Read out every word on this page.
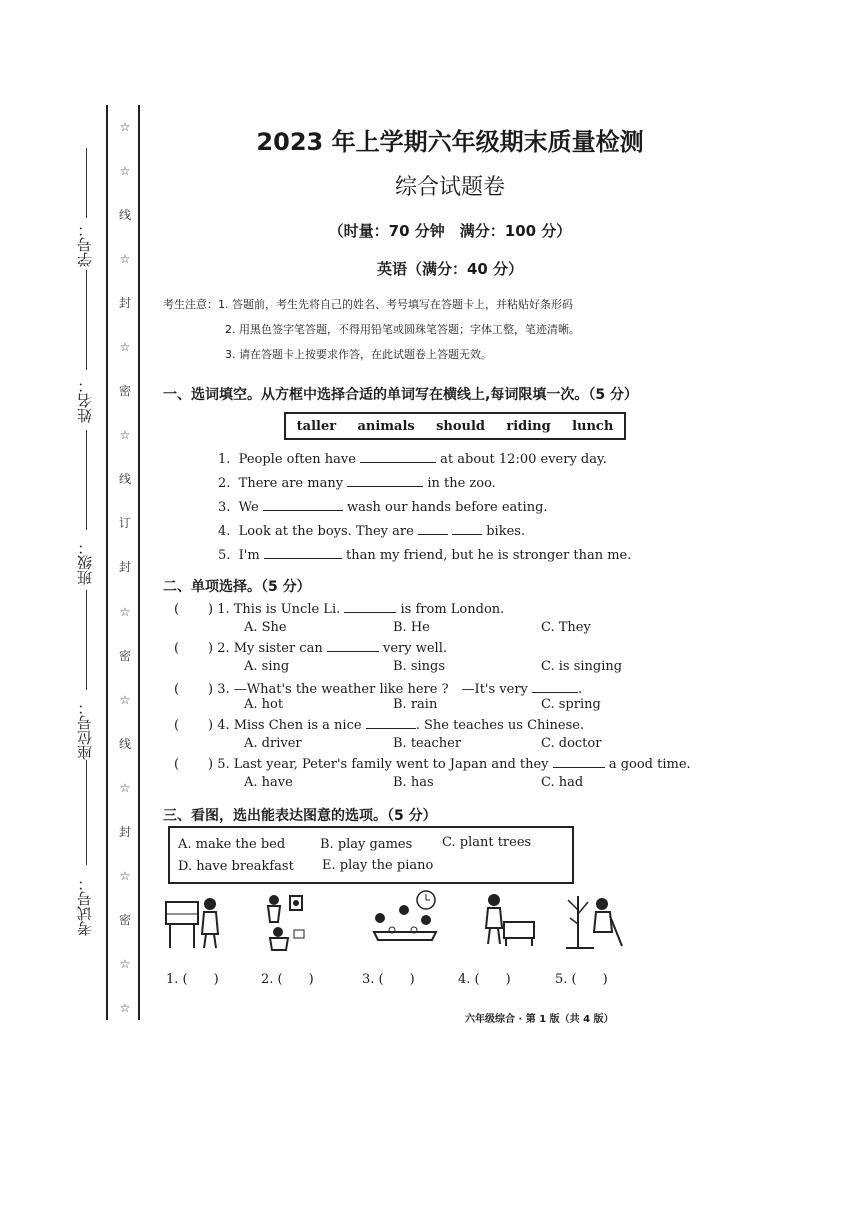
学号：
姓名：
班级：
座位号：
考试号：
☆
☆
线
☆
封
☆
密
☆
线
订
封
☆
密
☆
线
☆
封
☆
密
☆
☆
2023 年上学期六年级期末质量检测
综合试题卷
（时量：70 分钟　满分：100 分）
英语（满分：40 分）
考生注意：1. 答题前，考生先将自己的姓名、考号填写在答题卡上，并粘贴好条形码
2. 用黑色签字笔答题，不得用铅笔或圆珠笔答题；字体工整，笔迹清晰。
3. 请在答题卡上按要求作答，在此试题卷上答题无效。
一、选词填空。从方框中选择合适的单词写在横线上,每词限填一次。（5 分）
taller animals should riding lunch
1. People often have	at about 12:00 every day.
2. There are many	in the zoo.
3. We	wash our hands before eating.
4. Look at the boys. They are	bikes.
5. I'm	than my friend, but he is stronger than me.
二、单项选择。（5 分）
(       ) 1. This is Uncle Li.	is from London.
A. She	B. He	C. They
(       ) 2. My sister can	very well.
A. sing	B. sings	C. is singing
(       ) 3. —What's the weather like here ?　—It's very	.
A. hot	B. rain	C. spring
(       ) 4. Miss Chen is a nice	. She teaches us Chinese.
A. driver	B. teacher	C. doctor
(       ) 5. Last year, Peter's family went to Japan and they	a good time.
A. have	B. has	C. had
三、看图，选出能表达图意的选项。（5 分）
A. make the bed	B. play games C. plant trees
D. have breakfast E. play the piano
1. (　　)	2. (　　)	3. (　　)	4. (　　)	5. (　　)
六年级综合 · 第 1 版（共 4 版）
